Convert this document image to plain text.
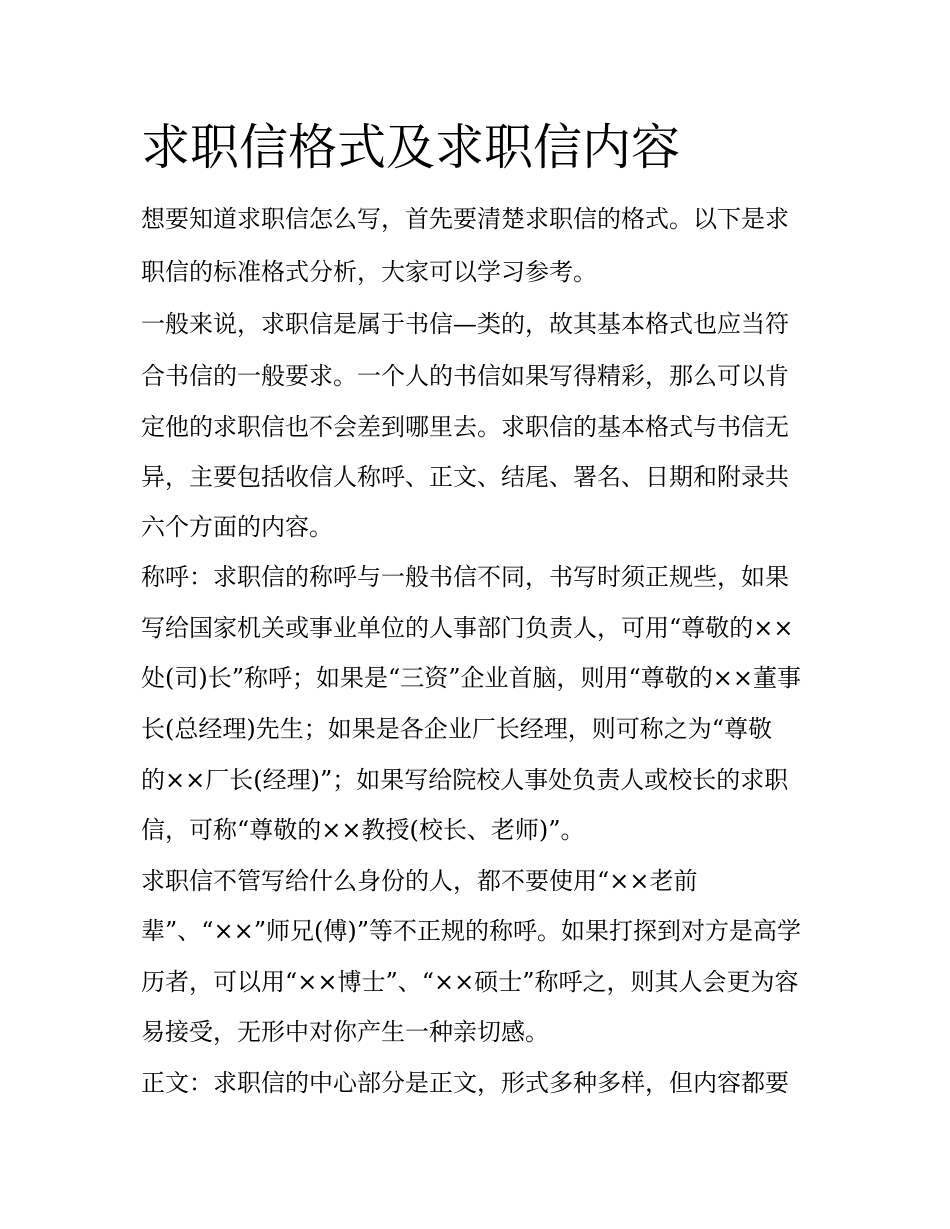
求职信格式及求职信内容

想要知道求职信怎么写，首先要清楚求职信的格式。以下是求

职信的标准格式分析，大家可以学习参考。

一般来说，求职信是属于书信—类的，故其基本格式也应当符

合书信的一般要求。一个人的书信如果写得精彩，那么可以肯

定他的求职信也不会差到哪里去。求职信的基本格式与书信无

异，主要包括收信人称呼、正文、结尾、署名、日期和附录共

六个方面的内容。

称呼：求职信的称呼与一般书信不同，书写时须正规些，如果

写给国家机关或事业单位的人事部门负责人，可用“尊敬的××

处(司)长”称呼；如果是“三资”企业首脑，则用“尊敬的××董事

长(总经理)先生；如果是各企业厂长经理，则可称之为“尊敬

的××厂长(经理)”；如果写给院校人事处负责人或校长的求职

信，可称“尊敬的××教授(校长、老师)”。

求职信不管写给什么身份的人，都不要使用“××老前

辈”、“××”师兄(傅)”等不正规的称呼。如果打探到对方是高学

历者，可以用“××博士”、“××硕士”称呼之，则其人会更为容

易接受，无形中对你产生一种亲切感。

正文：求职信的中心部分是正文，形式多种多样，但内容都要
